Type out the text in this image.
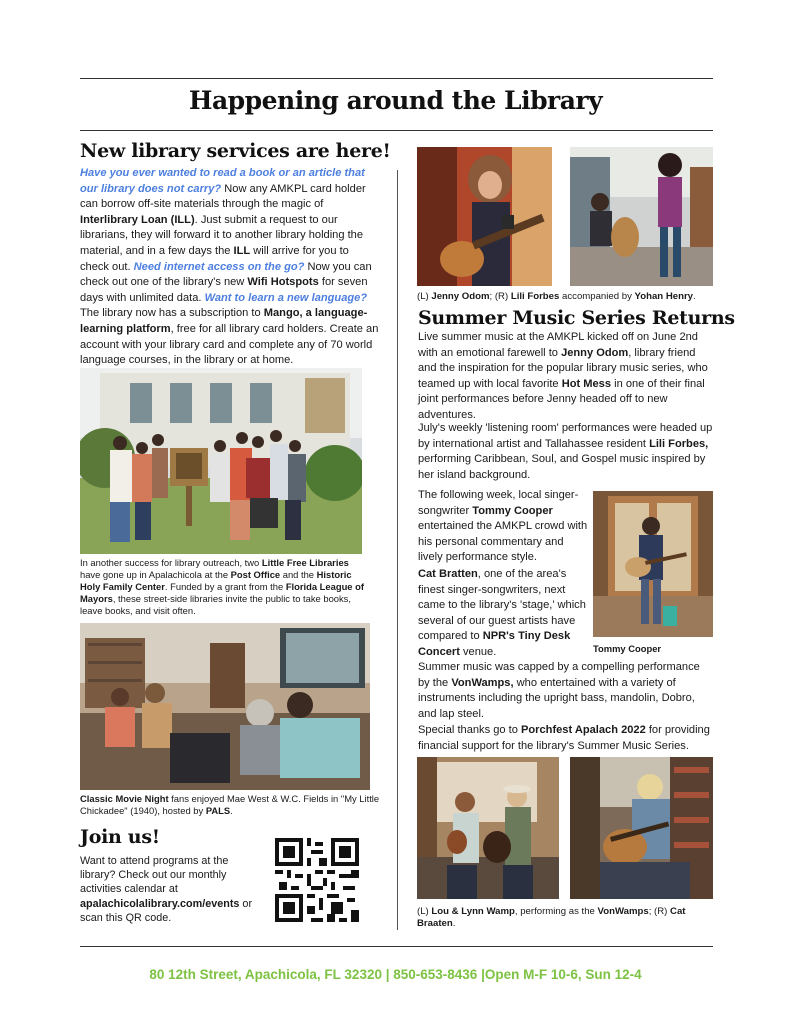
Happening around the Library
New library services are here!
Have you ever wanted to read a book or an article that our library does not carry? Now any AMKPL card holder can borrow off-site materials through the magic of Interlibrary Loan (ILL). Just submit a request to our librarians, they will forward it to another library holding the material, and in a few days the ILL will arrive for you to check out. Need internet access on the go? Now you can check out one of the library's new Wifi Hotspots for seven days with unlimited data. Want to learn a new language? The library now has a subscription to Mango, a language-learning platform, free for all library card holders. Create an account with your library card and complete any of 70 world language courses, in the library or at home.
In another success for library outreach, two Little Free Libraries have gone up in Apalachicola at the Post Office and the Historic Holy Family Center. Funded by a grant from the Florida League of Mayors, these street-side libraries invite the public to take books, leave books, and visit often.
Classic Movie Night fans enjoyed Mae West & W.C. Fields in "My Little Chickadee" (1940), hosted by PALS.
Join us!
Want to attend programs at the library? Check out our monthly activities calendar at apalachicolalibrary.com/events or scan this QR code.
(L) Jenny Odom; (R) Lili Forbes accompanied by Yohan Henry.
Summer Music Series Returns
Live summer music at the AMKPL kicked off on June 2nd with an emotional farewell to Jenny Odom, library friend and the inspiration for the popular library music series, who teamed up with local favorite Hot Mess in one of their final joint performances before Jenny headed off to new adventures.
July's weekly 'listening room' performances were headed up by international artist and Tallahassee resident Lili Forbes, performing Caribbean, Soul, and Gospel music inspired by her island background.
The following week, local singer-songwriter Tommy Cooper entertained the AMKPL crowd with his personal commentary and lively performance style.
Cat Bratten, one of the area's finest singer-songwriters, next came to the library's 'stage,' which several of our guest artists have compared to NPR's Tiny Desk Concert venue.	Tommy Cooper
Summer music was capped by a compelling performance by the VonWamps, who entertained with a variety of instruments including the upright bass, mandolin, Dobro, and lap steel.
Special thanks go to Porchfest Apalach 2022 for providing financial support for the library's Summer Music Series.
(L) Lou & Lynn Wamp, performing as the VonWamps; (R) Cat Braaten.
80 12th Street, Apachicola, FL 32320 | 850-653-8436 |Open M-F 10-6, Sun 12-4
